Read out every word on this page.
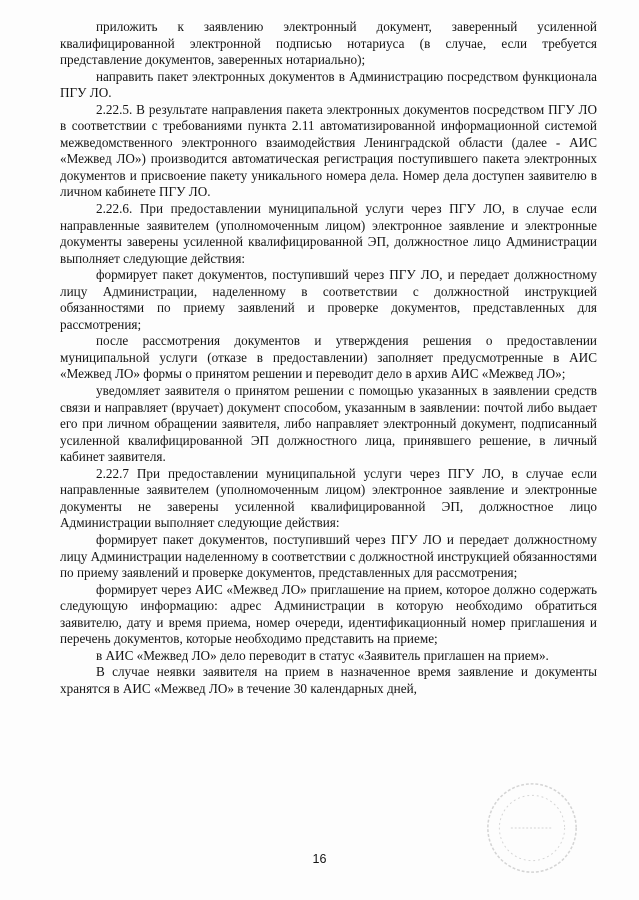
приложить к заявлению электронный документ, заверенный усиленной квалифицированной электронной подписью нотариуса (в случае, если требуется представление документов, заверенных нотариально);

направить пакет электронных документов в Администрацию посредством функционала ПГУ ЛО.

2.22.5. В результате направления пакета электронных документов посредством ПГУ ЛО в соответствии с требованиями пункта 2.11 автоматизированной информационной системой межведомственного электронного взаимодействия Ленинградской области (далее - АИС «Межвед ЛО») производится автоматическая регистрация поступившего пакета электронных документов и присвоение пакету уникального номера дела. Номер дела доступен заявителю в личном кабинете ПГУ ЛО.

2.22.6. При предоставлении муниципальной услуги через ПГУ ЛО, в случае если направленные заявителем (уполномоченным лицом) электронное заявление и электронные документы заверены усиленной квалифицированной ЭП, должностное лицо Администрации выполняет следующие действия:

формирует пакет документов, поступивший через ПГУ ЛО, и передает должностному лицу Администрации, наделенному в соответствии с должностной инструкцией обязанностями по приему заявлений и проверке документов, представленных для рассмотрения;

после рассмотрения документов и утверждения решения о предоставлении муниципальной услуги (отказе в предоставлении) заполняет предусмотренные в АИС «Межвед ЛО» формы о принятом решении и переводит дело в архив АИС «Межвед ЛО»;

уведомляет заявителя о принятом решении с помощью указанных в заявлении средств связи и направляет (вручает) документ способом, указанным в заявлении: почтой либо выдает его при личном обращении заявителя, либо направляет электронный документ, подписанный усиленной квалифицированной ЭП должностного лица, принявшего решение, в личный кабинет заявителя.

2.22.7 При предоставлении муниципальной услуги через ПГУ ЛО, в случае если направленные заявителем (уполномоченным лицом) электронное заявление и электронные документы не заверены усиленной квалифицированной ЭП, должностное лицо Администрации выполняет следующие действия:

формирует пакет документов, поступивший через ПГУ ЛО и передает должностному лицу Администрации наделенному в соответствии с должностной инструкцией обязанностями по приему заявлений и проверке документов, представленных для рассмотрения;

формирует через АИС «Межвед ЛО» приглашение на прием, которое должно содержать следующую информацию: адрес Администрации в которую необходимо обратиться заявителю, дату и время приема, номер очереди, идентификационный номер приглашения и перечень документов, которые необходимо представить на приеме;

в АИС «Межвед ЛО» дело переводит в статус «Заявитель приглашен на прием».

В случае неявки заявителя на прием в назначенное время заявление и документы хранятся в АИС «Межвед ЛО» в течение 30 календарных дней,

16
